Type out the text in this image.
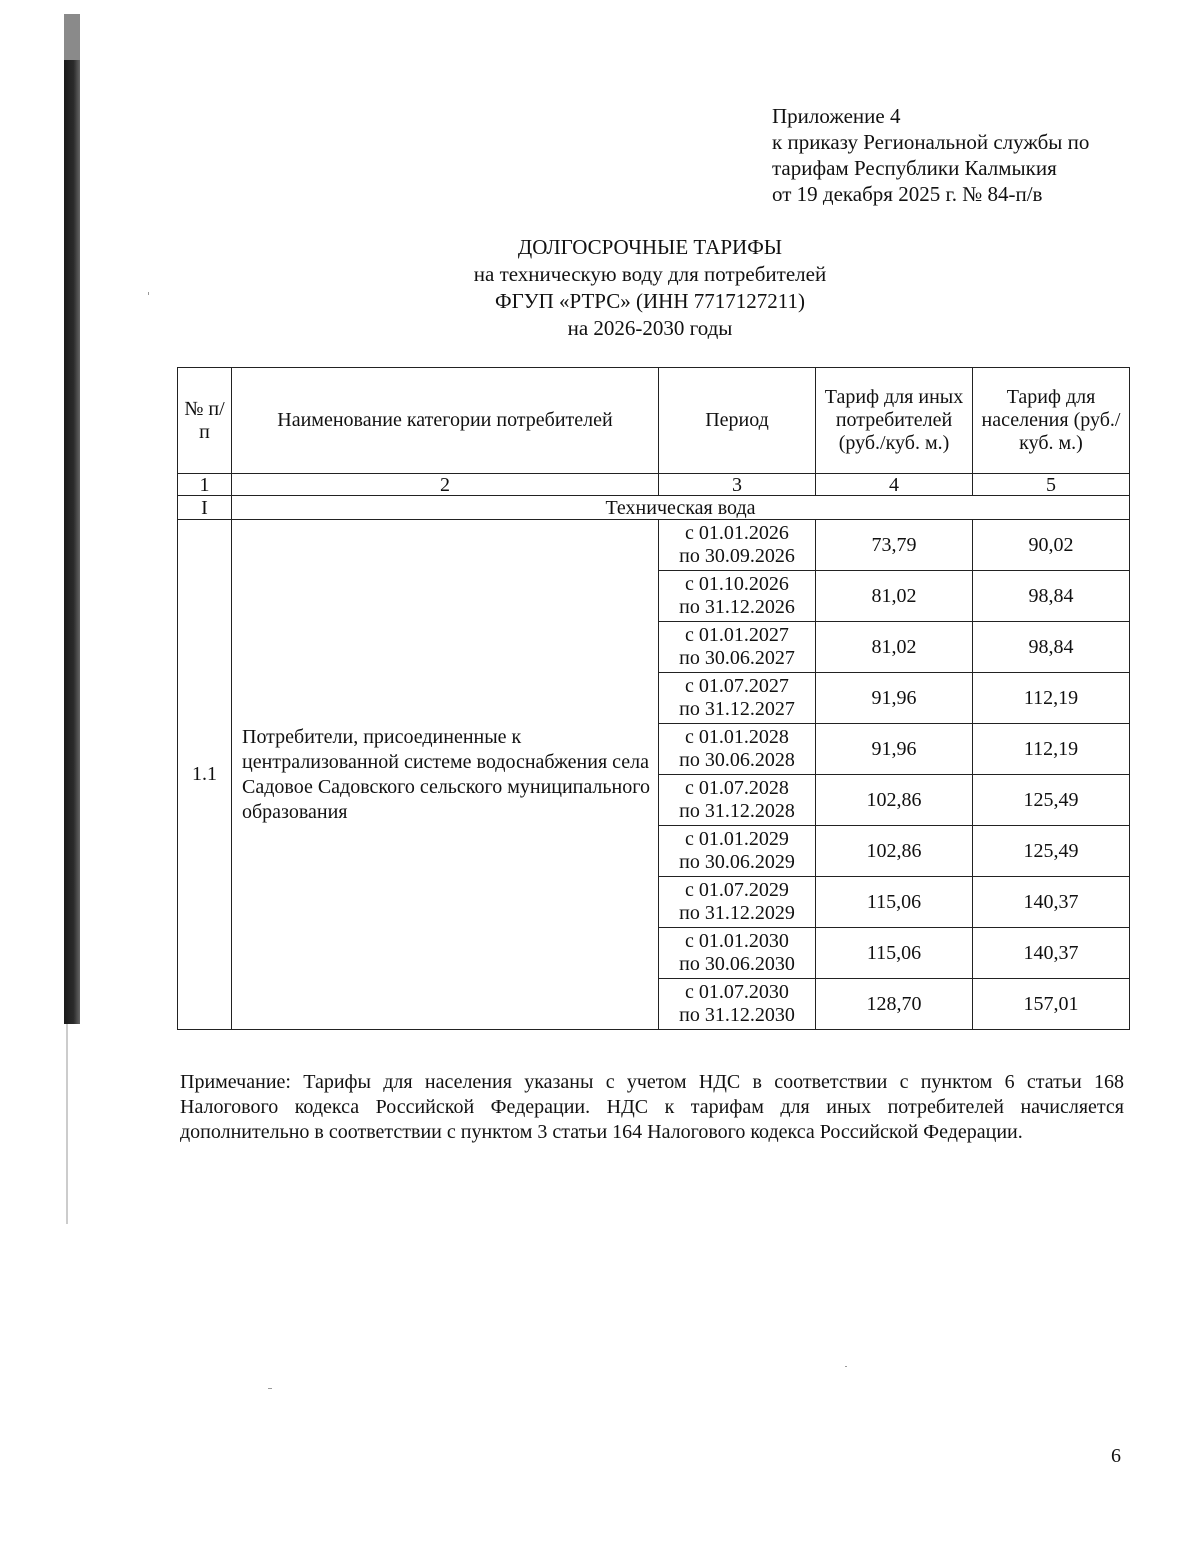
Приложение 4
к приказу Региональной службы по
тарифам Республики Калмыкия
от 19 декабря 2025 г. № 84-п/в
ДОЛГОСРОЧНЫЕ ТАРИФЫ
на техническую воду для потребителей
ФГУП «РТРС» (ИНН 7717127211)
на 2026-2030 годы
№ п/п	Наименование категории потребителей	Период	Тариф для иных потребителей (руб./куб. м.)	Тариф для населения (руб./куб. м.)
1	2	3	4	5
I	Техническая вода			
1.1	Потребители, присоединенные к централизованной системе водоснабжения села Садовое Садовского сельского муниципального образования	с 01.01.2026
по 30.09.2026	73,79	90,02

		с 01.10.2026
по 31.12.2026	81,02	98,84

		с 01.01.2027
по 30.06.2027	81,02	98,84

		с 01.07.2027
по 31.12.2027	91,96	112,19

		с 01.01.2028
по 30.06.2028	91,96	112,19

		с 01.07.2028
по 31.12.2028	102,86	125,49

		с 01.01.2029
по 30.06.2029	102,86	125,49

		с 01.07.2029
по 31.12.2029	115,06	140,37

		с 01.01.2030
по 30.06.2030	115,06	140,37

		с 01.07.2030
по 31.12.2030	128,70	157,01
Примечание: Тарифы для населения указаны с учетом НДС в соответствии с пунктом 6 статьи 168 Налогового кодекса Российской Федерации. НДС к тарифам для иных потребителей начисляется дополнительно в соответствии с пунктом 3 статьи 164 Налогового кодекса Российской Федерации.
6
